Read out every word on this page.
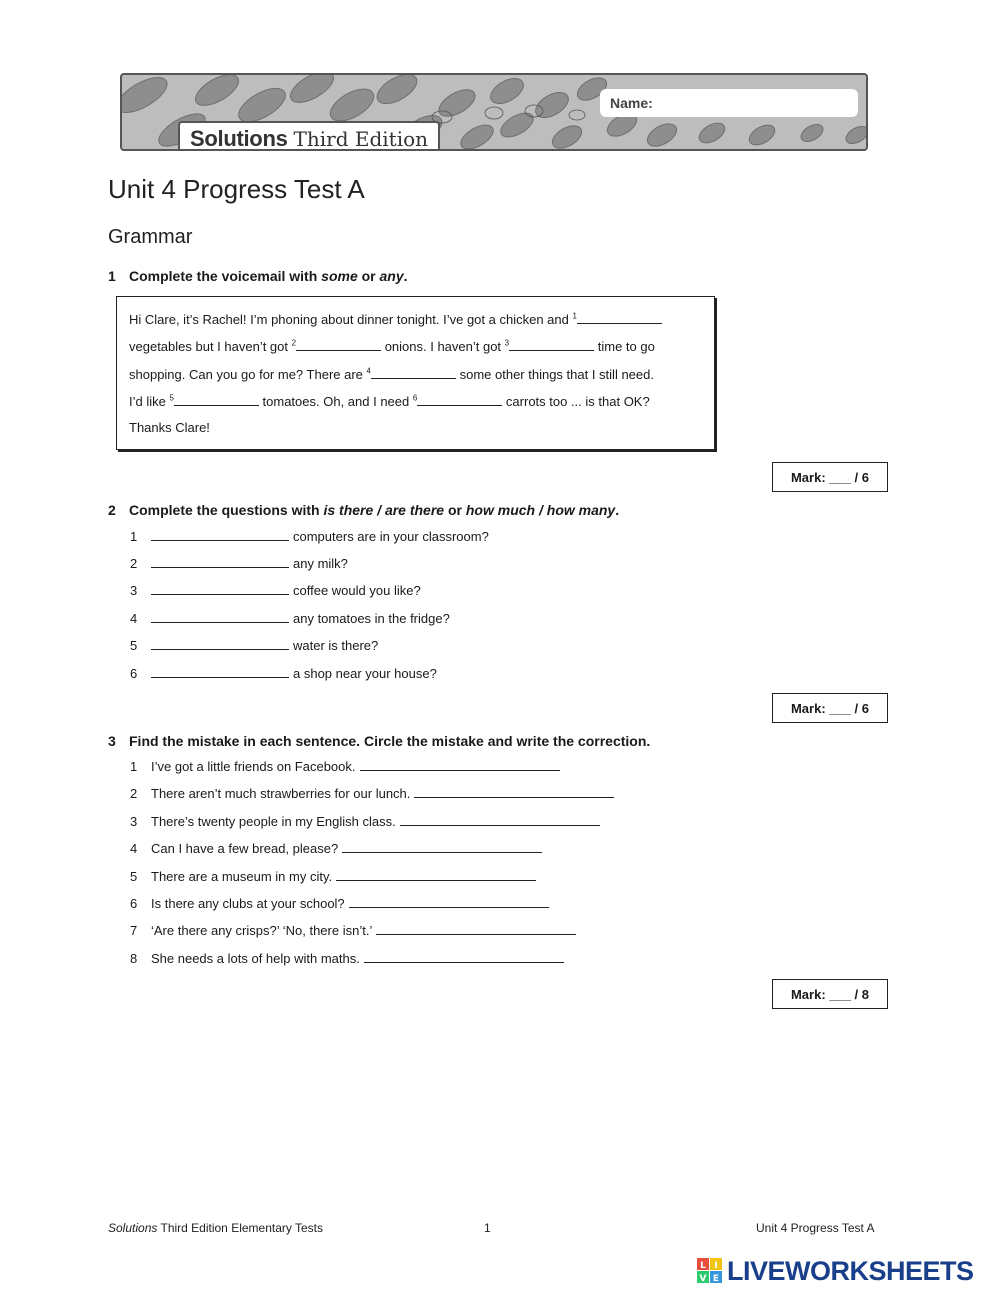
Solutions Third Edition
Name:
Unit 4 Progress Test A
Grammar
1 Complete the voicemail with some or any.
Hi Clare, it’s Rachel! I’m phoning about dinner tonight. I’ve got a chicken and $^1$
vegetables but I haven’t got $^2$	onions. I haven’t got $^3$	time to go
shopping. Can you go for me? There are $^4$	some other things that I still need.
I’d like $^5$	tomatoes. Oh, and I need $^6$	carrots too ... is that OK?
Thanks Clare!
Mark: ___ / 6
2 Complete the questions with is there / are there or how much / how many.
1	computers are in your classroom?
2	any milk?
3	coffee would you like?
4	any tomatoes in the fridge?
5	water is there?
6	a shop near your house?
Mark: ___ / 6
3 Find the mistake in each sentence. Circle the mistake and write the correction.
1 I’ve got a little friends on Facebook.
2 There aren’t much strawberries for our lunch.
3 There’s twenty people in my English class.
4 Can I have a few bread, please?
5 There are a museum in my city.
6 Is there any clubs at your school?
7 ‘Are there any crisps?’ ‘No, there isn’t.’
8 She needs a lots of help with maths.
Mark: ___ / 8
Solutions Third Edition Elementary Tests	1	Unit 4 Progress Test A
L I
V E LIVEWORKSHEETS
